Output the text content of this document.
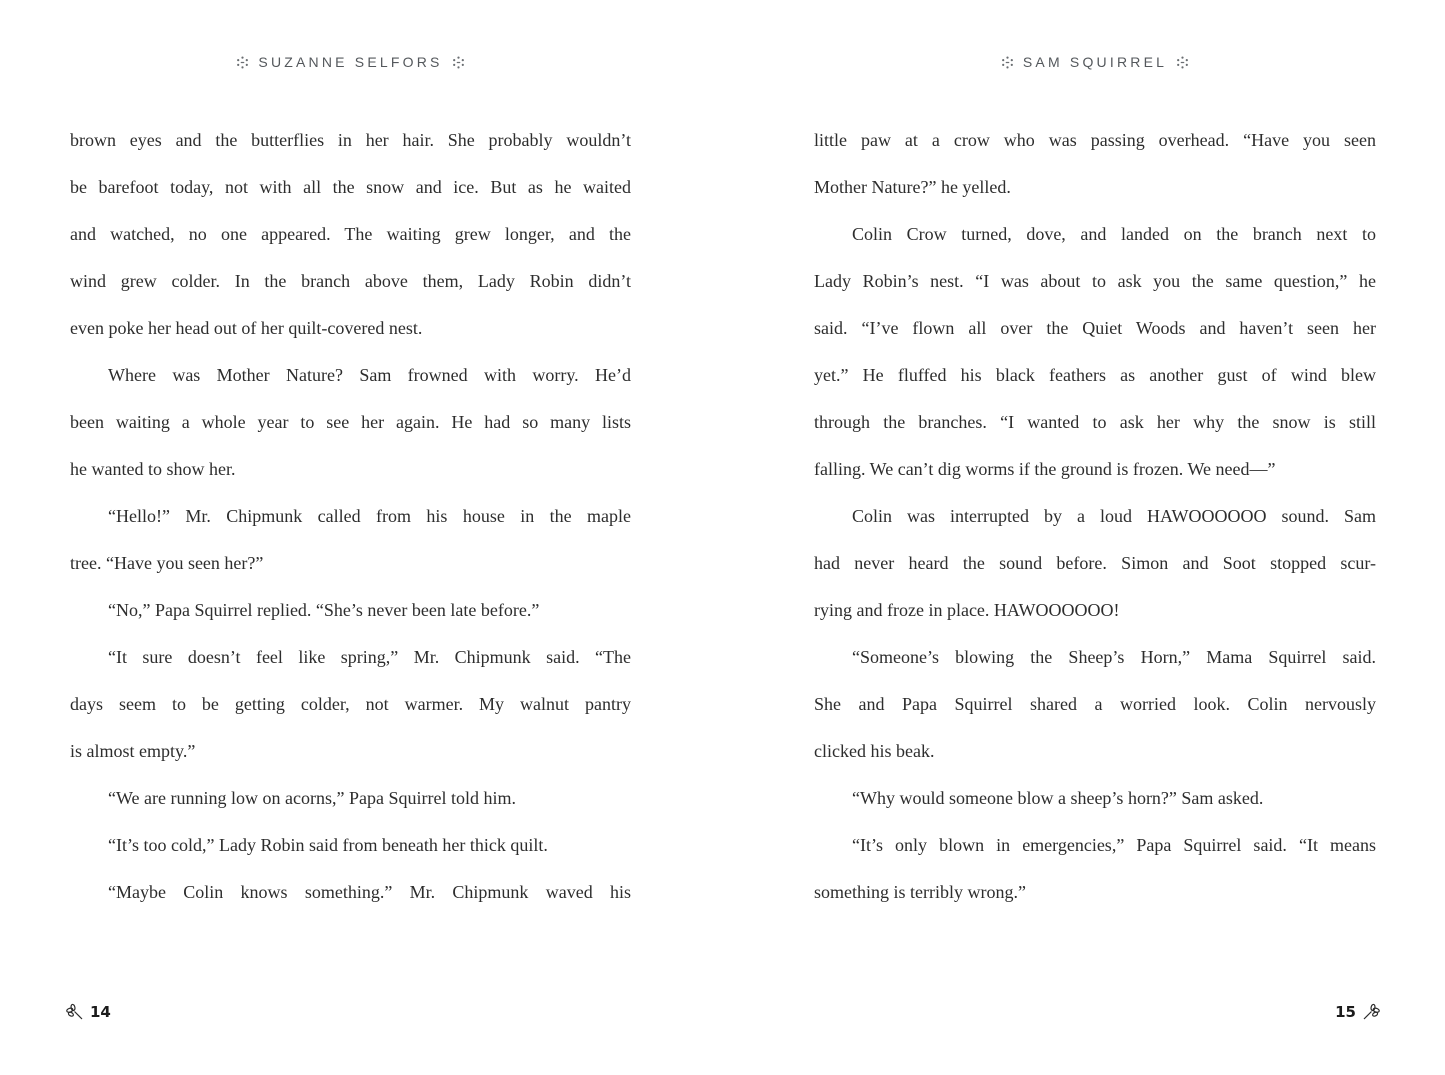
SUZANNE SELFORS	SAM SQUIRREL
brown eyes and the butterflies in her hair. She probably wouldn’t
be barefoot today, not with all the snow and ice. But as he waited
and watched, no one appeared. The waiting grew longer, and the
wind grew colder. In the branch above them, Lady Robin didn’t
even poke her head out of her quilt-covered nest.
Where was Mother Nature? Sam frowned with worry. He’d
been waiting a whole year to see her again. He had so many lists
he wanted to show her.
“Hello!” Mr. Chipmunk called from his house in the maple
tree. “Have you seen her?”
“No,” Papa Squirrel replied. “She’s never been late before.”
“It sure doesn’t feel like spring,” Mr. Chipmunk said. “The
days seem to be getting colder, not warmer. My walnut pantry
is almost empty.”
“We are running low on acorns,” Papa Squirrel told him.
“It’s too cold,” Lady Robin said from beneath her thick quilt.
“Maybe Colin knows something.” Mr. Chipmunk waved his
little paw at a crow who was passing overhead. “Have you seen
Mother Nature?” he yelled.
Colin Crow turned, dove, and landed on the branch next to
Lady Robin’s nest. “I was about to ask you the same question,” he
said. “I’ve flown all over the Quiet Woods and haven’t seen her
yet.” He fluffed his black feathers as another gust of wind blew
through the branches. “I wanted to ask her why the snow is still
falling. We can’t dig worms if the ground is frozen. We need—”
Colin was interrupted by a loud HAWOOOOOO sound. Sam
had never heard the sound before. Simon and Soot stopped scur-
rying and froze in place. HAWOOOOOO!
“Someone’s blowing the Sheep’s Horn,” Mama Squirrel said.
She and Papa Squirrel shared a worried look. Colin nervously
clicked his beak.
“Why would someone blow a sheep’s horn?” Sam asked.
“It’s only blown in emergencies,” Papa Squirrel said. “It means
something is terribly wrong.”
14	15
